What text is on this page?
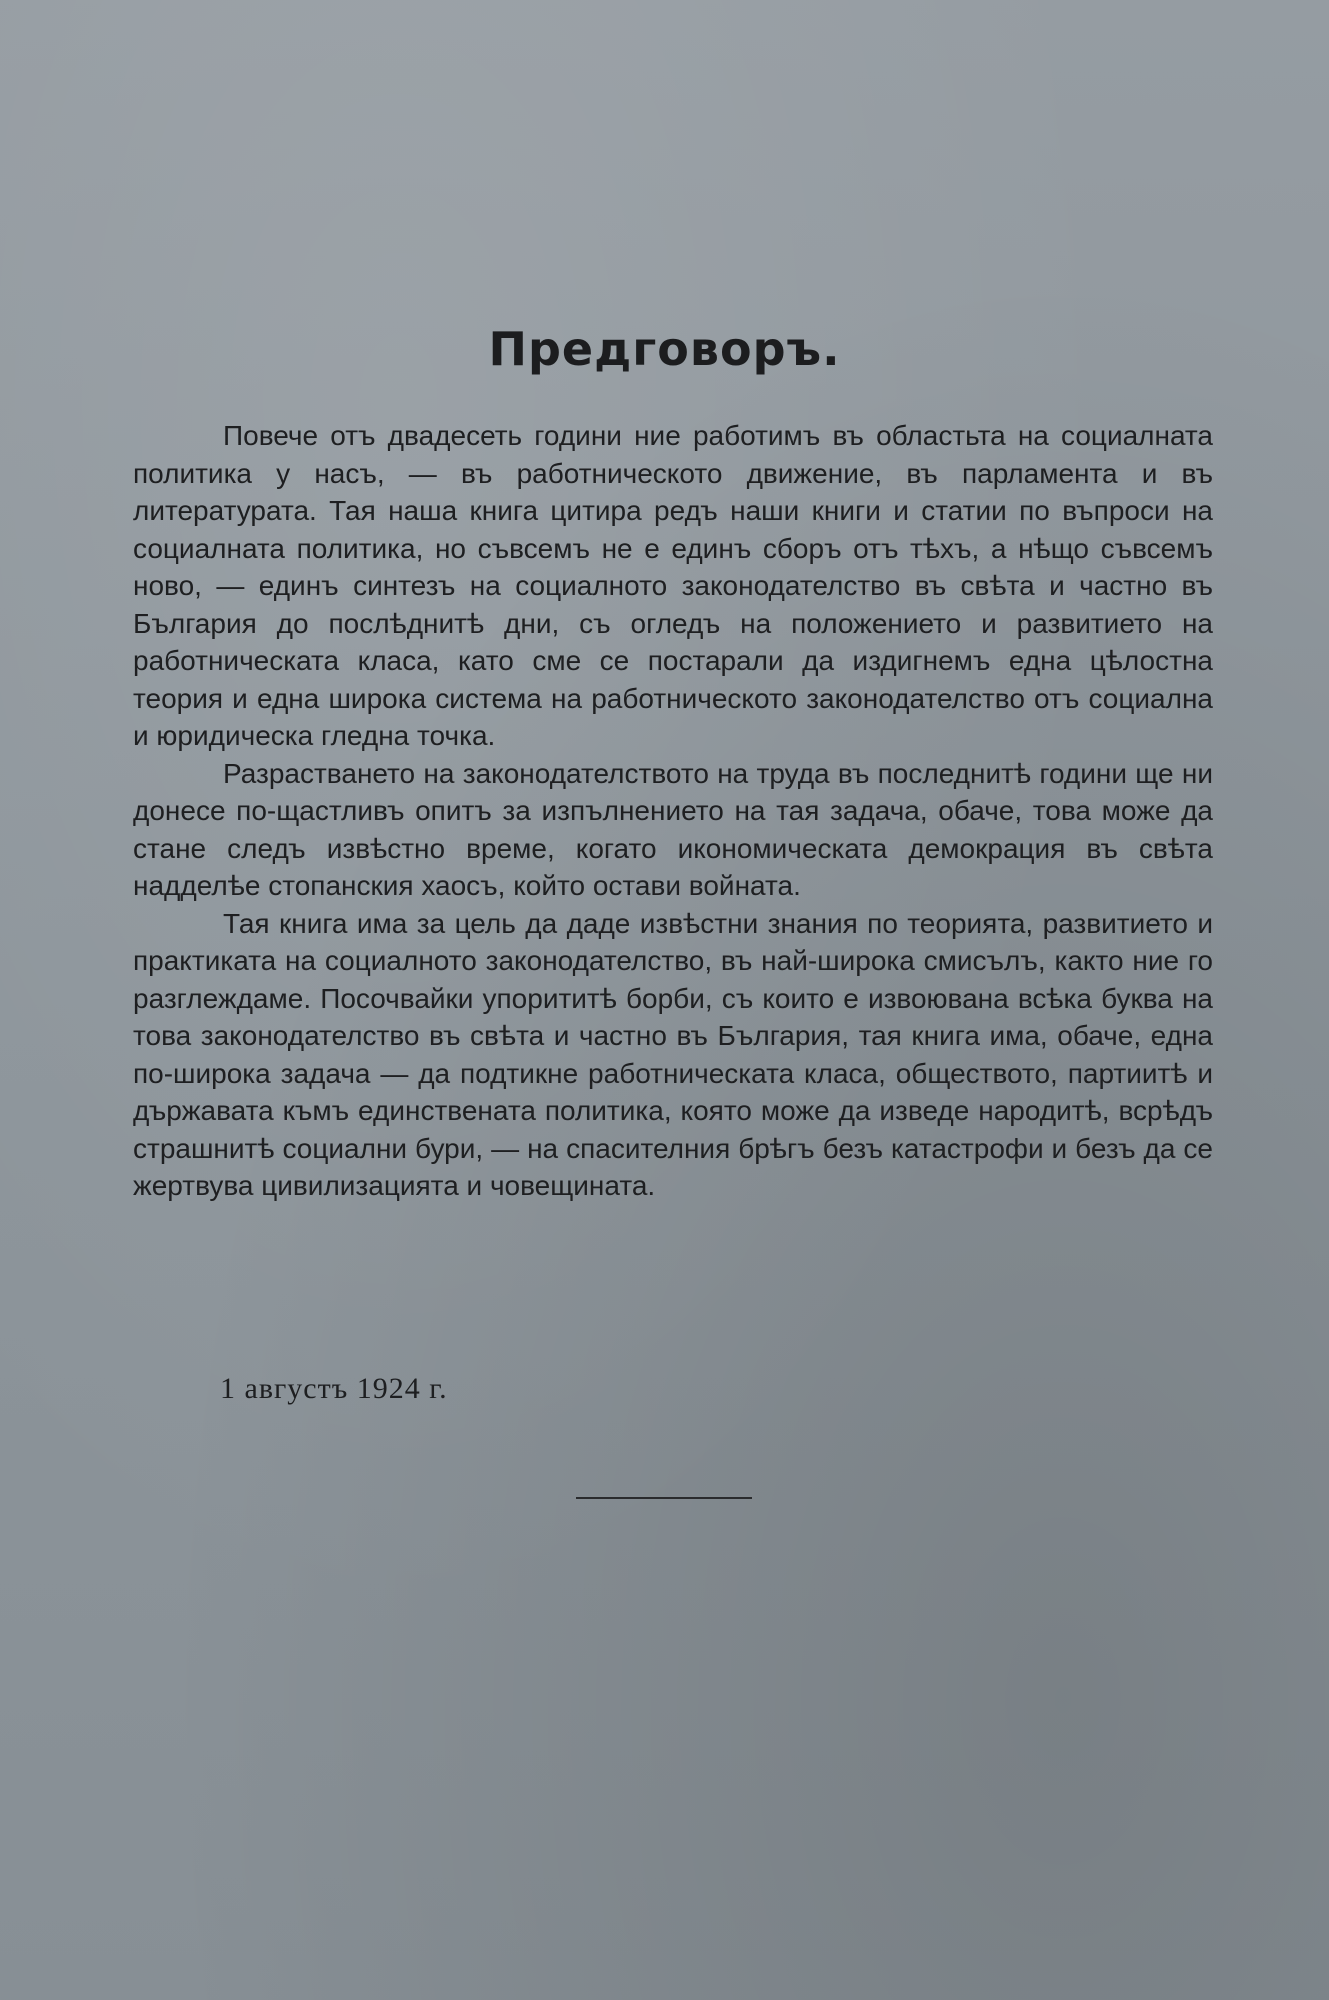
Предговоръ.

Повече отъ двадесеть години ние работимъ въ областьта на социалната политика у насъ, — въ работническото движение, въ парламента и въ литературата. Тая наша книга цитира редъ наши книги и статии по въпроси на социалната политика, но съвсемъ не е единъ сборъ отъ тѣхъ, а нѣщо съвсемъ ново, — единъ синтезъ на социалното законодателство въ свѣта и частно въ България до послѣднитѣ дни, съ огледъ на положението и развитието на работническата класа, като сме се постарали да издигнемъ една цѣлостна теория и една широка система на работническото законодателство отъ социална и юридическа гледна точка.

Разрастването на законодателството на труда въ последнитѣ години ще ни донесе по-щастливъ опитъ за изпълнението на тая задача, обаче, това може да стане следъ извѣстно време, когато икономическата демокрация въ свѣта надделѣе стопанския хаосъ, който остави войната.

Тая книга има за цель да даде извѣстни знания по теорията, развитието и практиката на социалното законодателство, въ най-широка смисълъ, както ние го разглеждаме. Посочвайки упорититѣ борби, съ които е извоювана всѣка буква на това законодателство въ свѣта и частно въ България, тая книга има, обаче, една по-широка задача — да подтикне работническата класа, обществото, партиитѣ и държавата къмъ единствената политика, която може да изведе народитѣ, всрѣдъ страшнитѣ социални бури, — на спасителния брѣгъ безъ катастрофи и безъ да се жертвува цивилизацията и човещината.

1 августъ 1924 г.
